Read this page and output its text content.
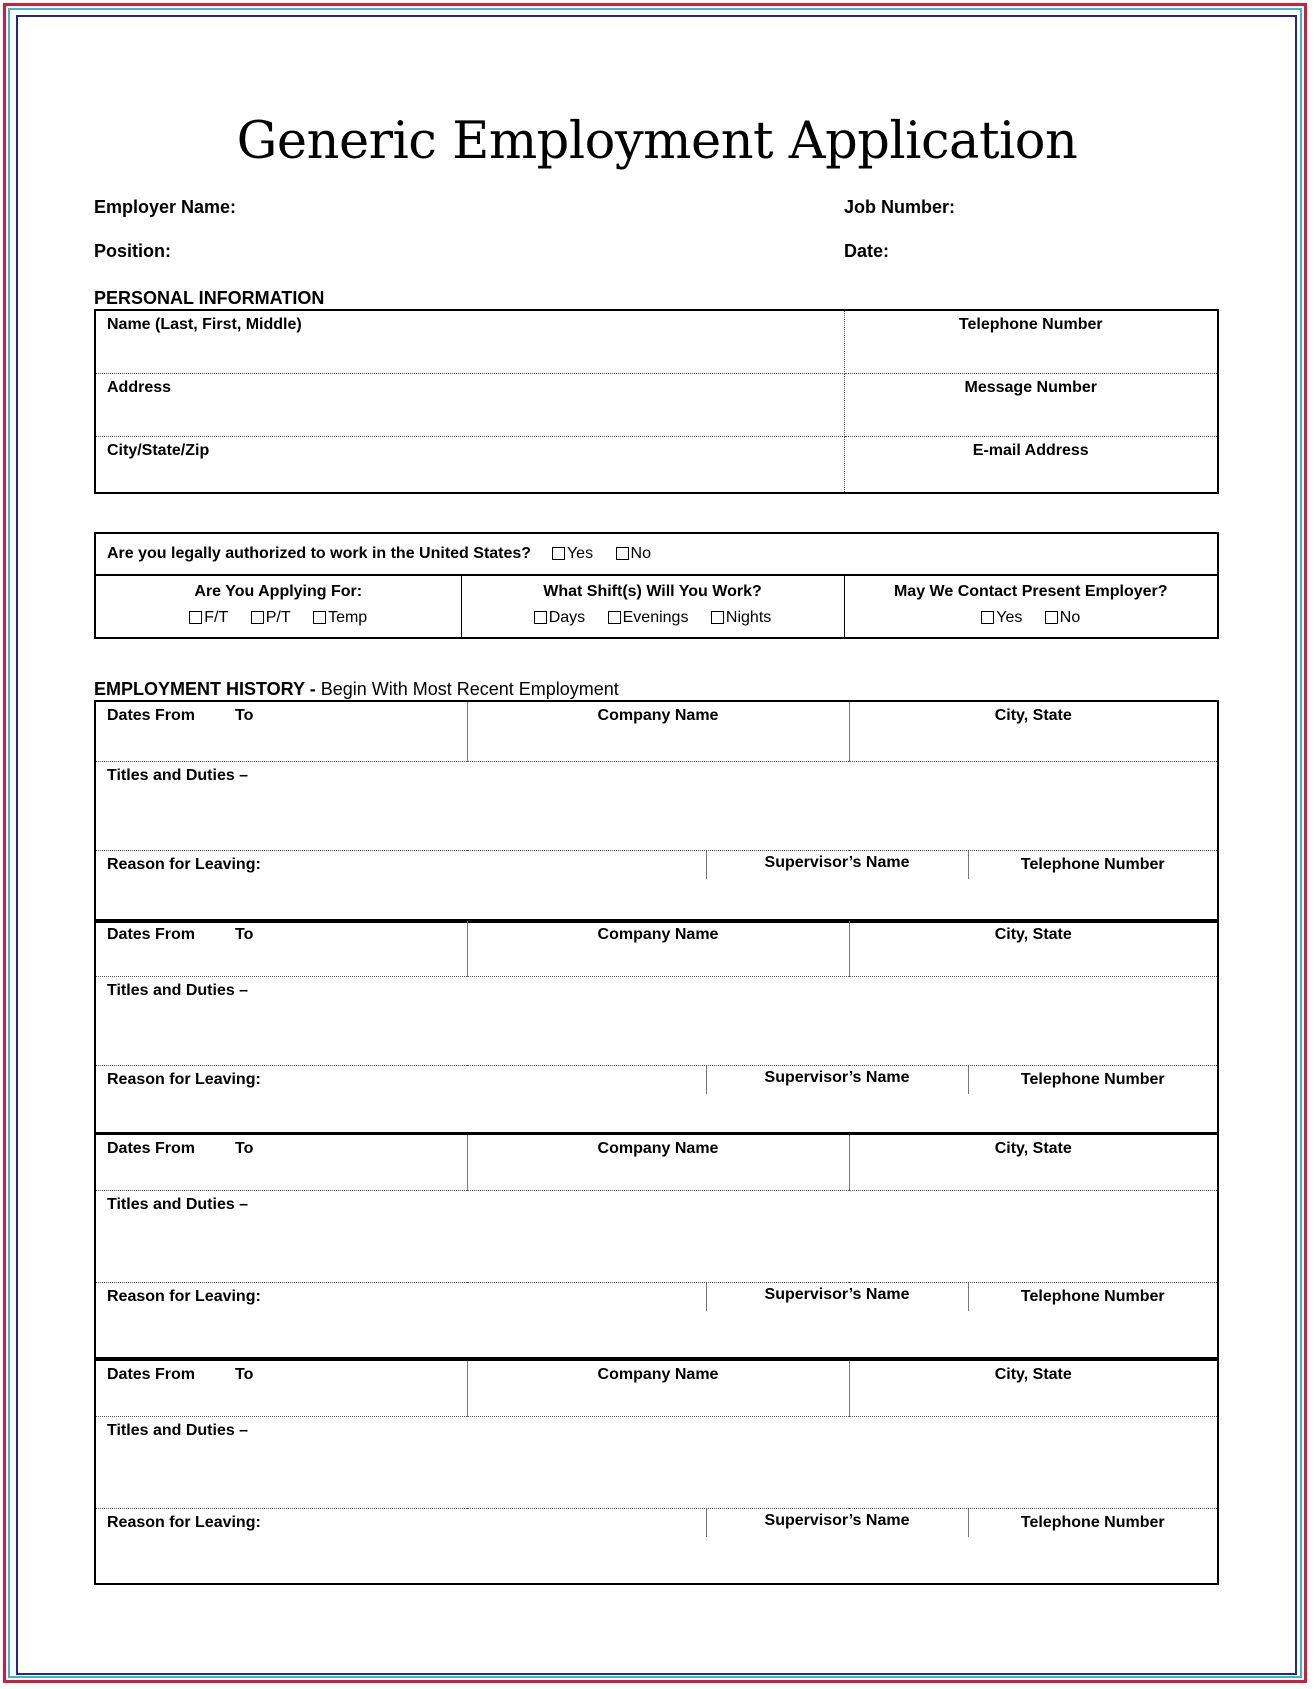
Generic Employment Application
Employer Name:	Job Number:
Position:	Date:
PERSONAL INFORMATION
Name (Last, First, Middle)	Telephone Number
Address	Message Number
City/State/Zip	E-mail Address
Are you legally authorized to work in the United States? Yes No

Are You Applying For:
F/T P/T Temp

What Shift(s) Will You Work?
Days Evenings Nights

May We Contact Present Employer?
Yes No
EMPLOYMENT HISTORY - Begin With Most Recent Employment
Dates From	To	Company Name	City, State
Titles and Duties –

Reason for Leaving:	Supervisor’s Name	Telephone Number
Dates From	To	Company Name	City, State
Titles and Duties –

Reason for Leaving:	Supervisor’s Name	Telephone Number
Dates From	To	Company Name	City, State
Titles and Duties –

Reason for Leaving:	Supervisor’s Name	Telephone Number
Dates From	To	Company Name	City, State
Titles and Duties –

Reason for Leaving:	Supervisor’s Name	Telephone Number
